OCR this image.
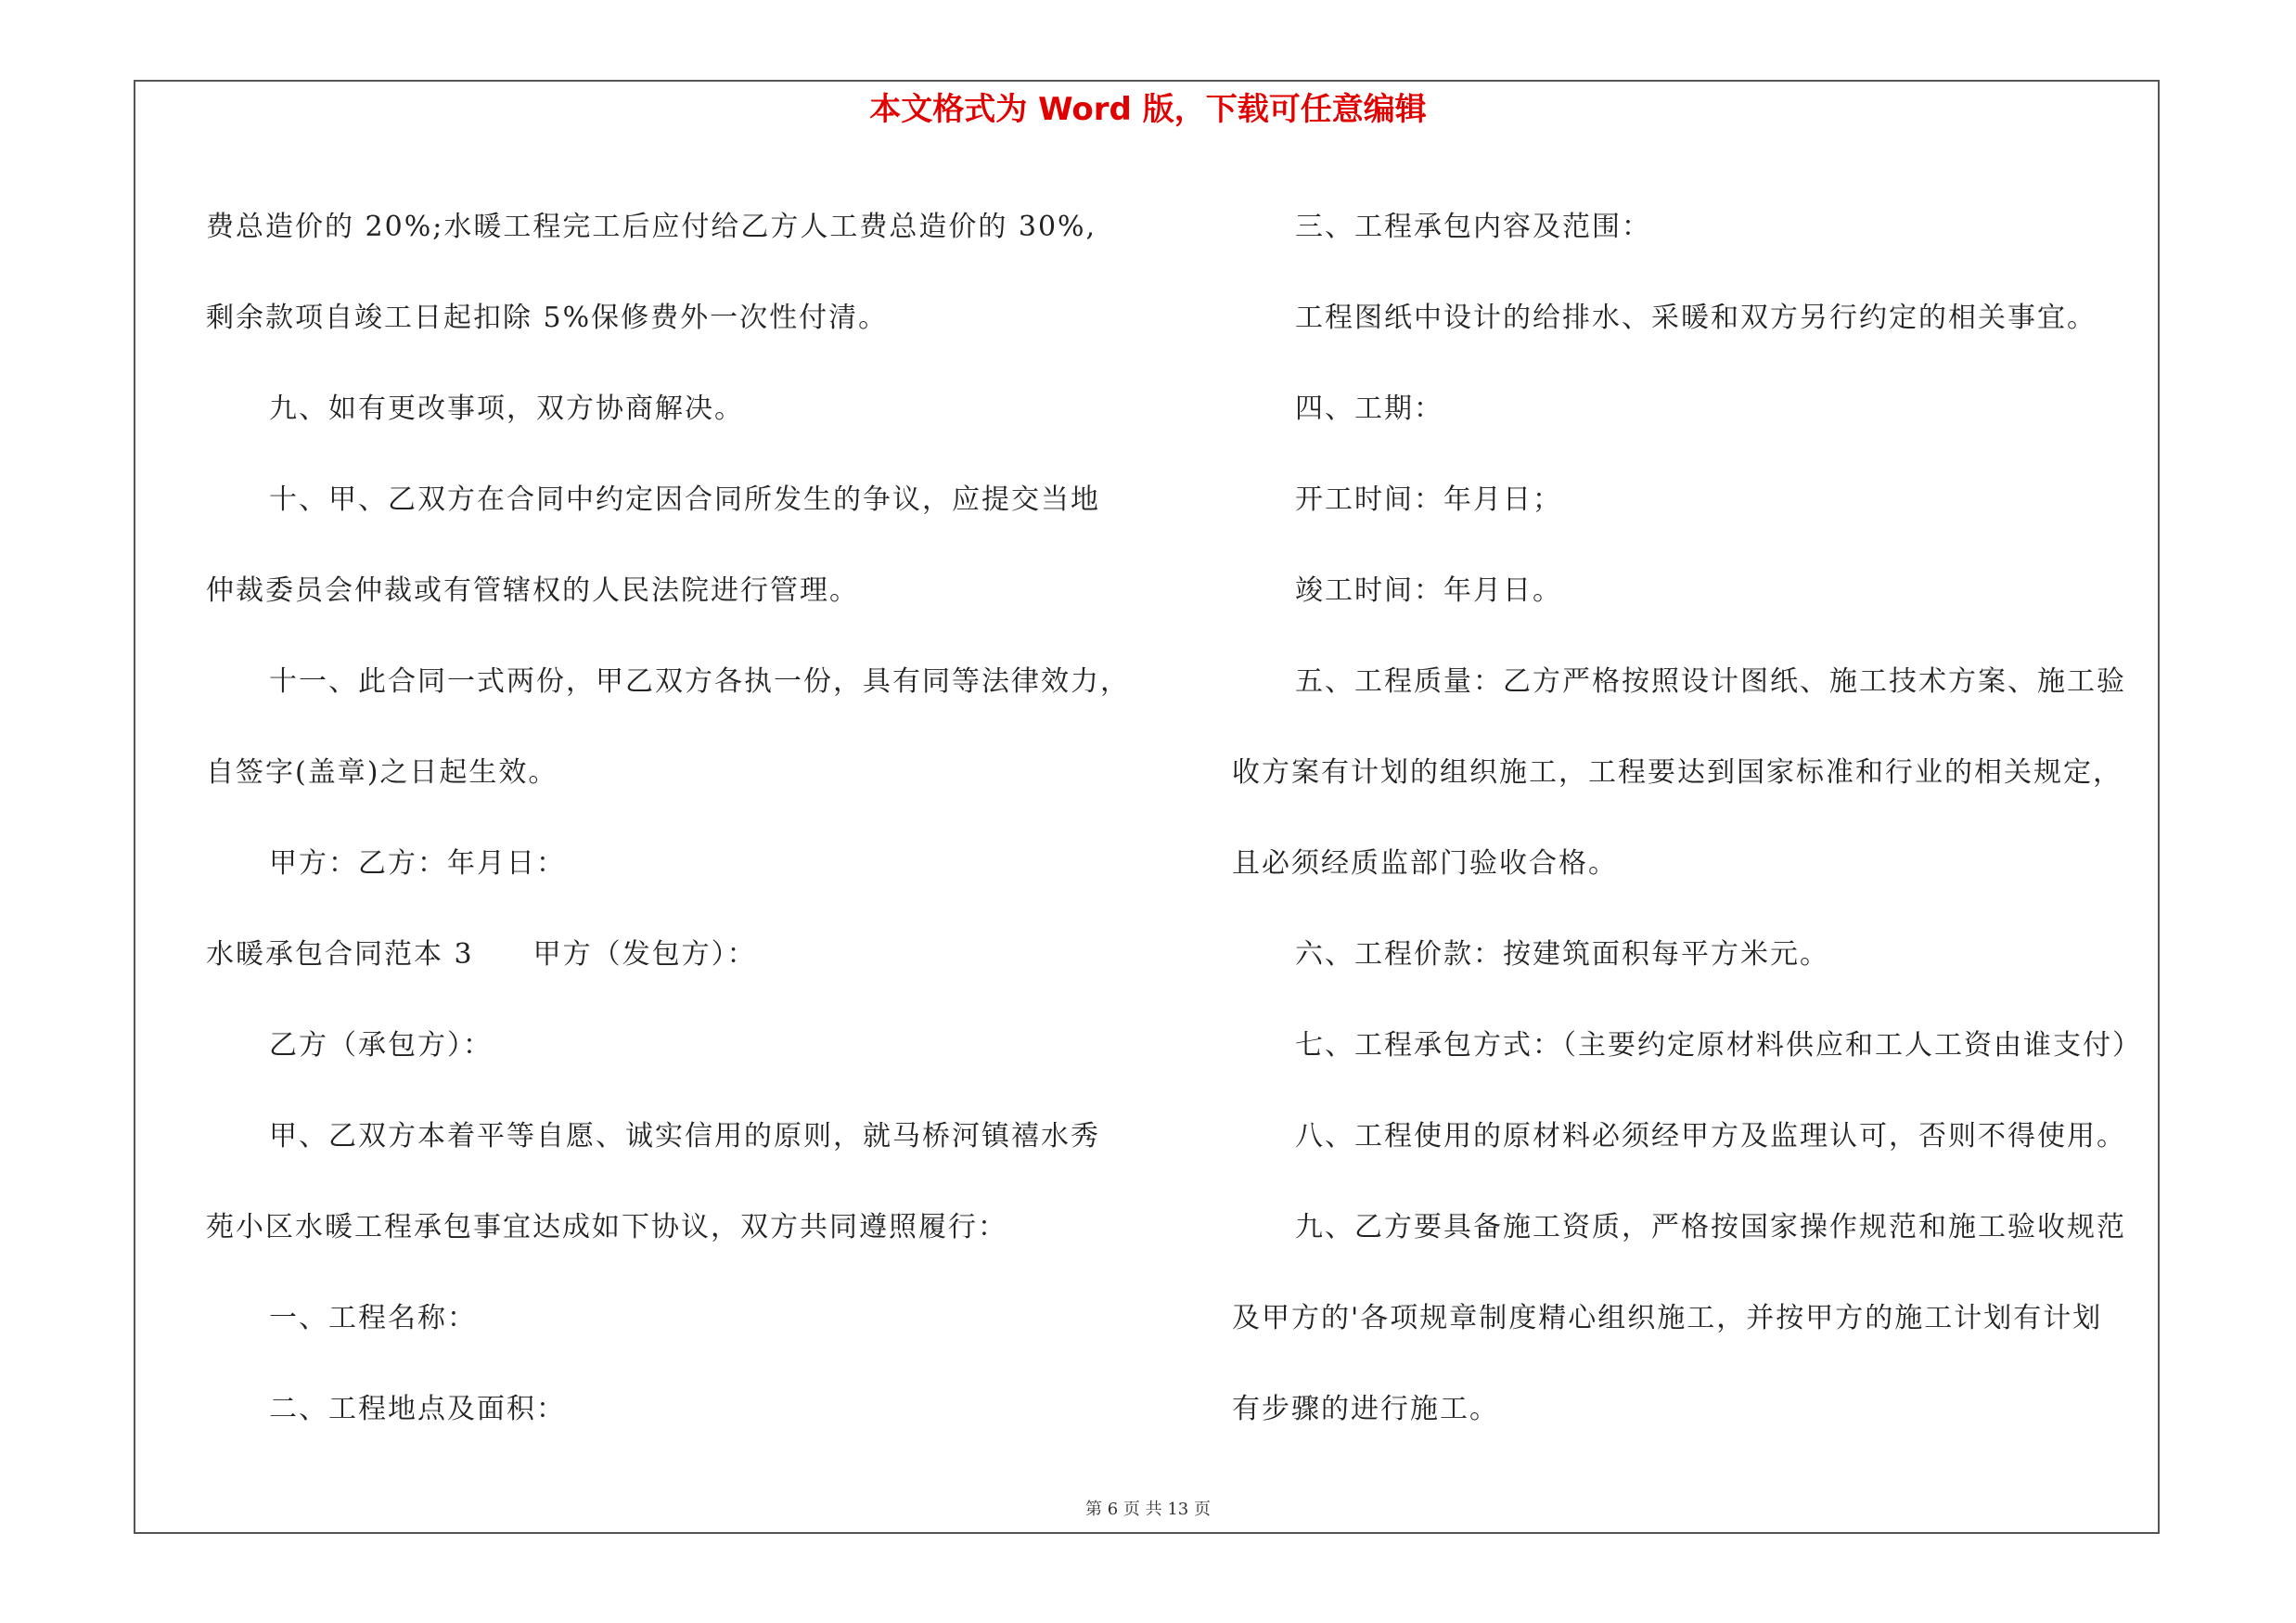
本文格式为 Word 版，下载可任意编辑

费总造价的 20%;水暖工程完工后应付给乙方人工费总造价的 30%,

剩余款项自竣工日起扣除 5%保修费外一次性付清。

九、如有更改事项，双方协商解决。

十、甲、乙双方在合同中约定因合同所发生的争议，应提交当地

仲裁委员会仲裁或有管辖权的人民法院进行管理。

十一、此合同一式两份，甲乙双方各执一份，具有同等法律效力，

自签字(盖章)之日起生效。

甲方：乙方：年月日：

水暖承包合同范本 3　　甲方（发包方）：

乙方（承包方）：

甲、乙双方本着平等自愿、诚实信用的原则，就马桥河镇禧水秀

苑小区水暖工程承包事宜达成如下协议，双方共同遵照履行：

一、工程名称：

二、工程地点及面积：

三、工程承包内容及范围：

工程图纸中设计的给排水、采暖和双方另行约定的相关事宜。

四、工期：

开工时间：年月日；

竣工时间：年月日。

五、工程质量：乙方严格按照设计图纸、施工技术方案、施工验

收方案有计划的组织施工，工程要达到国家标准和行业的相关规定，

且必须经质监部门验收合格。

六、工程价款：按建筑面积每平方米元。

七、工程承包方式：（主要约定原材料供应和工人工资由谁支付）

八、工程使用的原材料必须经甲方及监理认可，否则不得使用。

九、乙方要具备施工资质，严格按国家操作规范和施工验收规范

及甲方的'各项规章制度精心组织施工，并按甲方的施工计划有计划

有步骤的进行施工。

第 6 页 共 13 页
